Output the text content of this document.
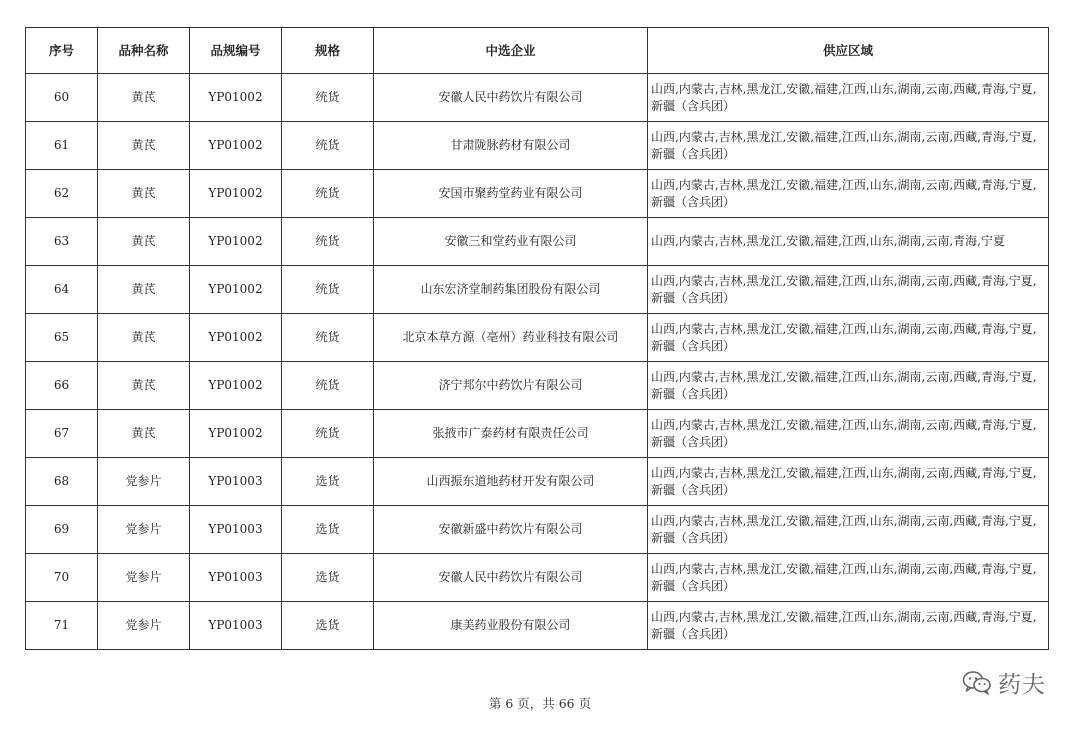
序号	品种名称	品规编号	规格	中选企业	供应区域
60	黄芪	YP01002	统货	安徽人民中药饮片有限公司	山西,内蒙古,吉林,黑龙江,安徽,福建,江西,山东,湖南,云南,西藏,青海,宁夏,新疆（含兵团）
61	黄芪	YP01002	统货	甘肃陇脉药材有限公司	山西,内蒙古,吉林,黑龙江,安徽,福建,江西,山东,湖南,云南,西藏,青海,宁夏,新疆（含兵团）
62	黄芪	YP01002	统货	安国市聚药堂药业有限公司	山西,内蒙古,吉林,黑龙江,安徽,福建,江西,山东,湖南,云南,西藏,青海,宁夏,新疆（含兵团）
63	黄芪	YP01002	统货	安徽三和堂药业有限公司	山西,内蒙古,吉林,黑龙江,安徽,福建,江西,山东,湖南,云南,青海,宁夏
64	黄芪	YP01002	统货	山东宏济堂制药集团股份有限公司	山西,内蒙古,吉林,黑龙江,安徽,福建,江西,山东,湖南,云南,西藏,青海,宁夏,新疆（含兵团）
65	黄芪	YP01002	统货	北京本草方源（亳州）药业科技有限公司	山西,内蒙古,吉林,黑龙江,安徽,福建,江西,山东,湖南,云南,西藏,青海,宁夏,新疆（含兵团）
66	黄芪	YP01002	统货	济宁邦尔中药饮片有限公司	山西,内蒙古,吉林,黑龙江,安徽,福建,江西,山东,湖南,云南,西藏,青海,宁夏,新疆（含兵团）
67	黄芪	YP01002	统货	张掖市广泰药材有限责任公司	山西,内蒙古,吉林,黑龙江,安徽,福建,江西,山东,湖南,云南,西藏,青海,宁夏,新疆（含兵团）
68	党参片	YP01003	选货	山西振东道地药材开发有限公司	山西,内蒙古,吉林,黑龙江,安徽,福建,江西,山东,湖南,云南,西藏,青海,宁夏,新疆（含兵团）
69	党参片	YP01003	选货	安徽新盛中药饮片有限公司	山西,内蒙古,吉林,黑龙江,安徽,福建,江西,山东,湖南,云南,西藏,青海,宁夏,新疆（含兵团）
70	党参片	YP01003	选货	安徽人民中药饮片有限公司	山西,内蒙古,吉林,黑龙江,安徽,福建,江西,山东,湖南,云南,西藏,青海,宁夏,新疆（含兵团）
71	党参片	YP01003	选货	康美药业股份有限公司	山西,内蒙古,吉林,黑龙江,安徽,福建,江西,山东,湖南,云南,西藏,青海,宁夏,新疆（含兵团）
第 6 页，共 66 页
药夫
